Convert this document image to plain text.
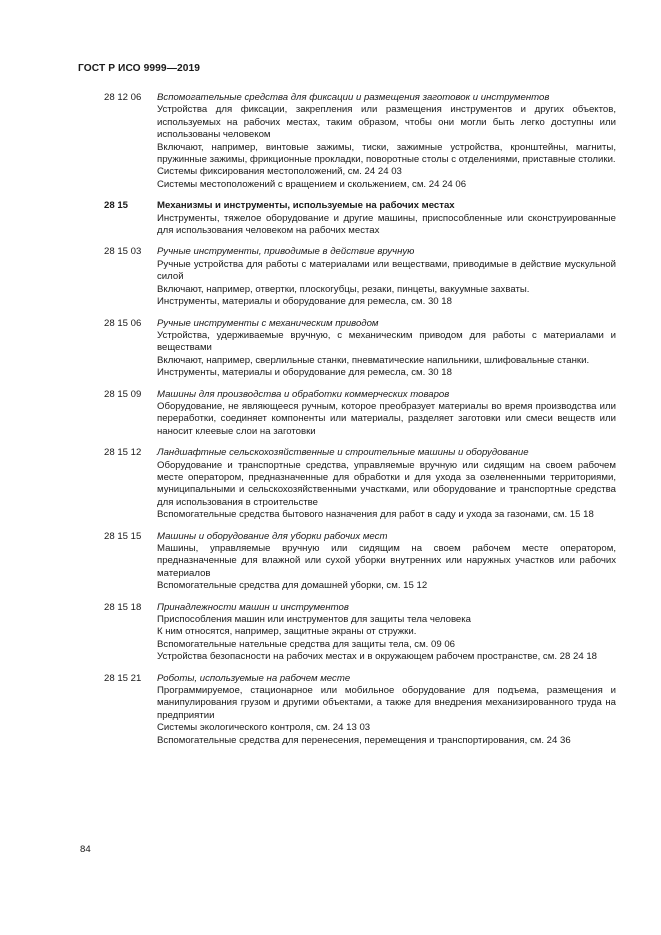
ГОСТ Р ИСО 9999—2019
28 12 06	Вспомогательные средства для фиксации и размещения заготовок и инструментов
Устройства для фиксации, закрепления или размещения инструментов и других объектов, используемых на рабочих местах, таким образом, чтобы они могли быть легко доступны или использованы человеком
Включают, например, винтовые зажимы, тиски, зажимные устройства, кронштейны, магниты, пружинные зажимы, фрикционные прокладки, поворотные столы с отделениями, приставные столики.
Системы фиксирования местоположений, см. 24 24 03
Системы местоположений с вращением и скольжением, см. 24 24 06
28 15	Механизмы и инструменты, используемые на рабочих местах
Инструменты, тяжелое оборудование и другие машины, приспособленные или сконструированные для использования человеком на рабочих местах
28 15 03	Ручные инструменты, приводимые в действие вручную
Ручные устройства для работы с материалами или веществами, приводимые в действие мускульной силой
Включают, например, отвертки, плоскогубцы, резаки, пинцеты, вакуумные захваты.
Инструменты, материалы и оборудование для ремесла, см. 30 18
28 15 06	Ручные инструменты с механическим приводом
Устройства, удерживаемые вручную, с механическим приводом для работы с материалами и веществами
Включают, например, сверлильные станки, пневматические напильники, шлифовальные станки.
Инструменты, материалы и оборудование для ремесла, см. 30 18
28 15 09	Машины для производства и обработки коммерческих товаров
Оборудование, не являющееся ручным, которое преобразует материалы во время производства или переработки, соединяет компоненты или материалы, разделяет заготовки или смеси веществ или наносит клеевые слои на заготовки
28 15 12	Ландшафтные сельскохозяйственные и строительные машины и оборудование
Оборудование и транспортные средства, управляемые вручную или сидящим на своем рабочем месте оператором, предназначенные для обработки и для ухода за озелененными территориями, муниципальными и сельскохозяйственными участками, или оборудование и транспортные средства для использования в строительстве
Вспомогательные средства бытового назначения для работ в саду и ухода за газонами, см. 15 18
28 15 15	Машины и оборудование для уборки рабочих мест
Машины, управляемые вручную или сидящим на своем рабочем месте оператором, предназначенные для влажной или сухой уборки внутренних или наружных участков или рабочих материалов
Вспомогательные средства для домашней уборки, см. 15 12
28 15 18	Принадлежности машин и инструментов
Приспособления машин или инструментов для защиты тела человека
К ним относятся, например, защитные экраны от стружки.
Вспомогательные нательные средства для защиты тела, см. 09 06
Устройства безопасности на рабочих местах и в окружающем рабочем пространстве, см. 28 24 18
28 15 21	Роботы, используемые на рабочем месте
Программируемое, стационарное или мобильное оборудование для подъема, размещения и манипулирования грузом и другими объектами, а также для внедрения механизированного труда на предприятии
Системы экологического контроля, см. 24 13 03
Вспомогательные средства для перенесения, перемещения и транспортирования, см. 24 36
84
